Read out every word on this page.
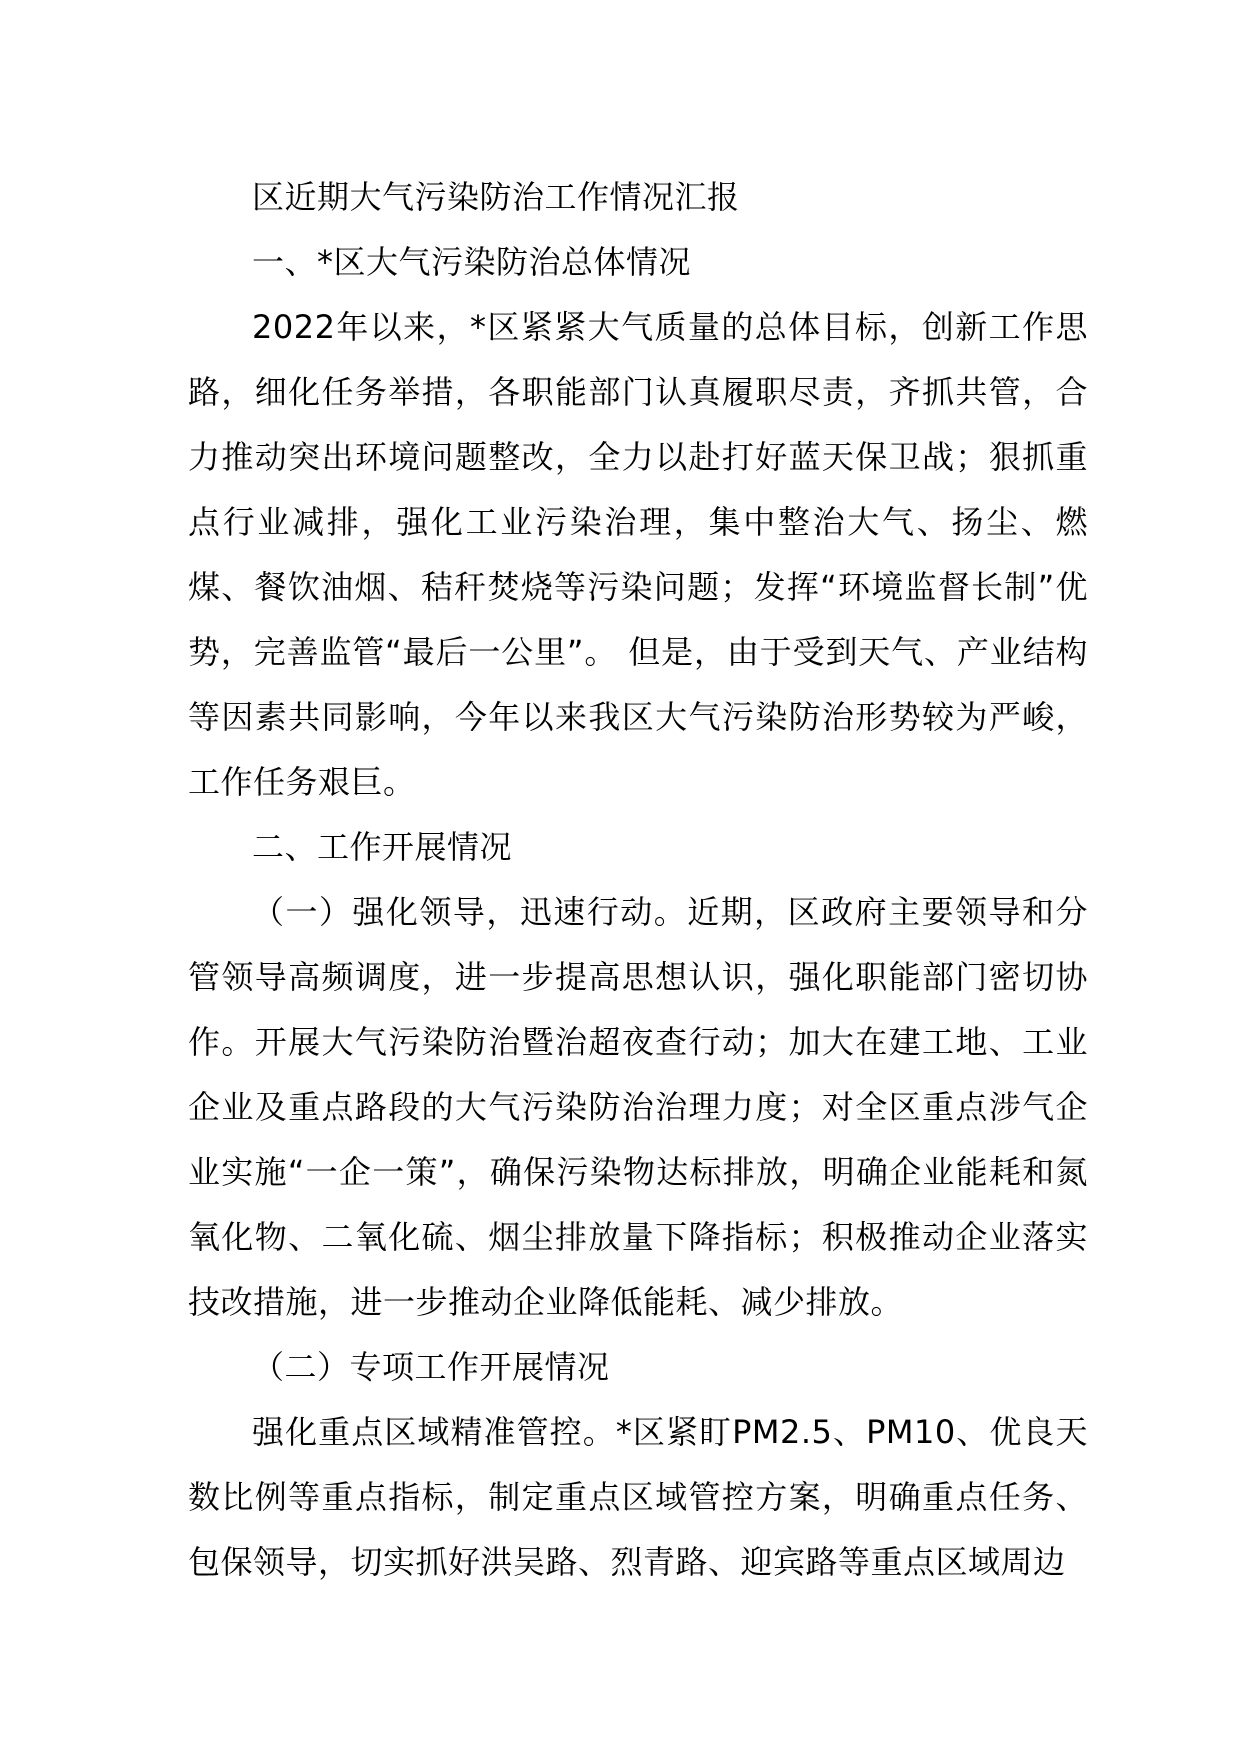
区近期大气污染防治工作情况汇报

一、*区大气污染防治总体情况

2022年以来，*区紧紧大气质量的总体目标，创新工作思路，细化任务举措，各职能部门认真履职尽责，齐抓共管，合力推动突出环境问题整改，全力以赴打好蓝天保卫战；狠抓重点行业减排，强化工业污染治理，集中整治大气、扬尘、燃煤、餐饮油烟、秸秆焚烧等污染问题；发挥“环境监督长制”优势，完善监管“最后一公里”。 但是，由于受到天气、产业结构等因素共同影响，今年以来我区大气污染防治形势较为严峻，工作任务艰巨。

二、工作开展情况

（一）强化领导，迅速行动。近期，区政府主要领导和分管领导高频调度，进一步提高思想认识，强化职能部门密切协作。开展大气污染防治暨治超夜查行动；加大在建工地、工业企业及重点路段的大气污染防治治理力度；对全区重点涉气企业实施“一企一策”，确保污染物达标排放，明确企业能耗和氮氧化物、二氧化硫、烟尘排放量下降指标；积极推动企业落实技改措施，进一步推动企业降低能耗、减少排放。

（二）专项工作开展情况

强化重点区域精准管控。*区紧盯PM2.5、PM10、优良天数比例等重点指标，制定重点区域管控方案，明确重点任务、包保领导，切实抓好洪吴路、烈青路、迎宾路等重点区域周边
